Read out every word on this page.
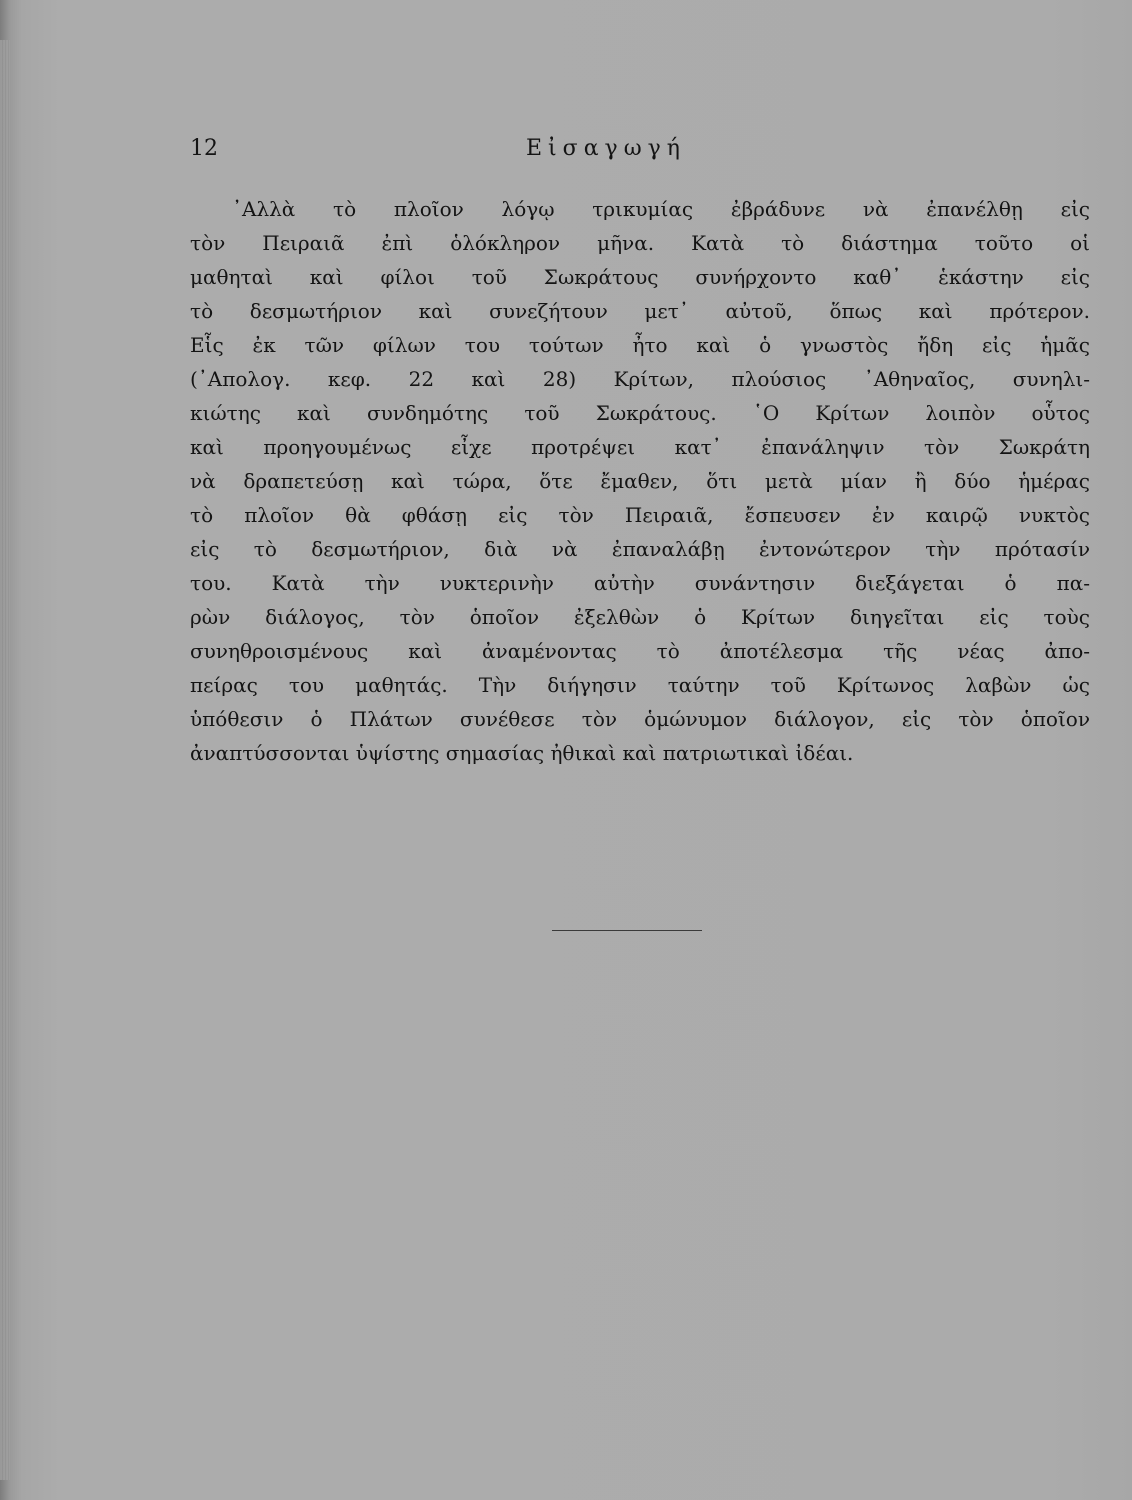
12	Εἰσαγωγή
᾿Αλλὰ τὸ πλοῖον λόγῳ τρικυμίας ἐβράδυνε νὰ ἐπανέλθῃ εἰς
τὸν Πειραιᾶ ἐπὶ ὁλόκληρον μῆνα. Κατὰ τὸ διάστημα τοῦτο οἱ
μαθηταὶ καὶ φίλοι τοῦ Σωκράτους συνήρχοντο καθ᾿ ἑκάστην εἰς
τὸ δεσμωτήριον καὶ συνεζήτουν μετ᾿ αὐτοῦ, ὅπως καὶ πρότερον.
Εἷς ἐκ τῶν φίλων του τούτων ἦτο καὶ ὁ γνωστὸς ἤδη εἰς ἡμᾶς
(᾿Απολογ. κεφ. 22 καὶ 28) Κρίτων, πλούσιος ᾿Αθηναῖος, συνηλι-
κιώτης καὶ συνδημότης τοῦ Σωκράτους. ῾Ο Κρίτων λοιπὸν οὗτος
καὶ προηγουμένως εἶχε προτρέψει κατ᾿ ἐπανάληψιν τὸν Σωκράτη
νὰ δραπετεύσῃ καὶ τώρα, ὅτε ἔμαθεν, ὅτι μετὰ μίαν ἢ δύο ἡμέρας
τὸ πλοῖον θὰ φθάσῃ εἰς τὸν Πειραιᾶ, ἔσπευσεν ἐν καιρῷ νυκτὸς
εἰς τὸ δεσμωτήριον, διὰ νὰ ἐπαναλάβῃ ἐντονώτερον τὴν πρότασίν
του. Κατὰ τὴν νυκτερινὴν αὐτὴν συνάντησιν διεξάγεται ὁ πα-
ρὼν διάλογος, τὸν ὁποῖον ἐξελθὼν ὁ Κρίτων διηγεῖται εἰς τοὺς
συνηθροισμένους καὶ ἀναμένοντας τὸ ἀποτέλεσμα τῆς νέας ἀπο-
πείρας του μαθητάς. Τὴν διήγησιν ταύτην τοῦ Κρίτωνος λαβὼν ὡς
ὑπόθεσιν ὁ Πλάτων συνέθεσε τὸν ὁμώνυμον διάλογον, εἰς τὸν ὁποῖον
ἀναπτύσσονται ὑψίστης σημασίας ἠθικαὶ καὶ πατριωτικαὶ ἰδέαι.
